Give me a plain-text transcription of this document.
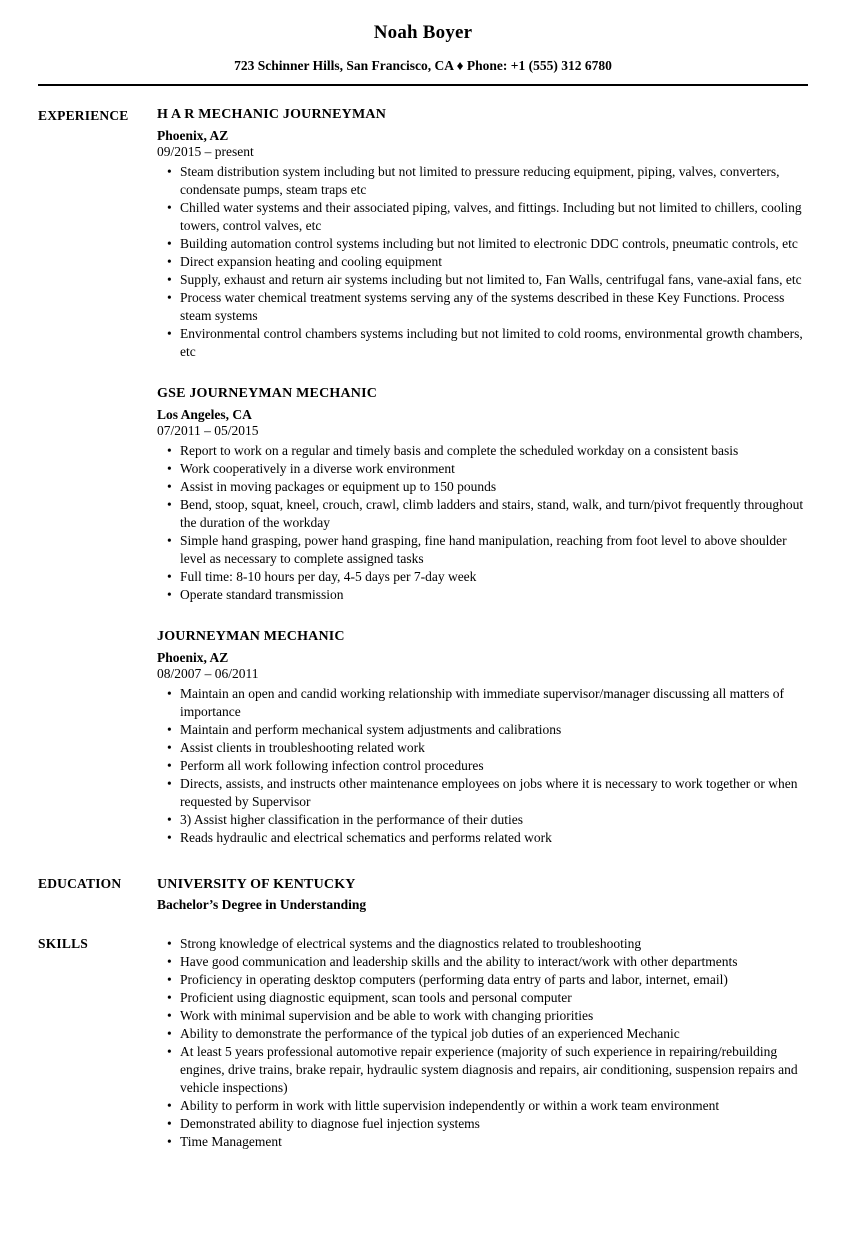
Noah Boyer
723 Schinner Hills, San Francisco, CA ♦ Phone: +1 (555) 312 6780
EXPERIENCE	H A R MECHANIC JOURNEYMAN
Phoenix, AZ
09/2015 – present
• Steam distribution system including but not limited to pressure reducing equipment, piping, valves, converters, condensate pumps, steam traps etc
• Chilled water systems and their associated piping, valves, and fittings. Including but not limited to chillers, cooling towers, control valves, etc
• Building automation control systems including but not limited to electronic DDC controls, pneumatic controls, etc
• Direct expansion heating and cooling equipment
• Supply, exhaust and return air systems including but not limited to, Fan Walls, centrifugal fans, vane-axial fans, etc
• Process water chemical treatment systems serving any of the systems described in these Key Functions. Process steam systems
• Environmental control chambers systems including but not limited to cold rooms, environmental growth chambers, etc
GSE JOURNEYMAN MECHANIC
Los Angeles, CA
07/2011 – 05/2015
• Report to work on a regular and timely basis and complete the scheduled workday on a consistent basis
• Work cooperatively in a diverse work environment
• Assist in moving packages or equipment up to 150 pounds
• Bend, stoop, squat, kneel, crouch, crawl, climb ladders and stairs, stand, walk, and turn/pivot frequently throughout the duration of the workday
• Simple hand grasping, power hand grasping, fine hand manipulation, reaching from foot level to above shoulder level as necessary to complete assigned tasks
• Full time: 8-10 hours per day, 4-5 days per 7-day week
• Operate standard transmission
JOURNEYMAN MECHANIC
Phoenix, AZ
08/2007 – 06/2011
• Maintain an open and candid working relationship with immediate supervisor/manager discussing all matters of importance
• Maintain and perform mechanical system adjustments and calibrations
• Assist clients in troubleshooting related work
• Perform all work following infection control procedures
• Directs, assists, and instructs other maintenance employees on jobs where it is necessary to work together or when requested by Supervisor
• 3) Assist higher classification in the performance of their duties
• Reads hydraulic and electrical schematics and performs related work
EDUCATION	UNIVERSITY OF KENTUCKY
Bachelor’s Degree in Understanding
SKILLS	• Strong knowledge of electrical systems and the diagnostics related to troubleshooting
• Have good communication and leadership skills and the ability to interact/work with other departments
• Proficiency in operating desktop computers (performing data entry of parts and labor, internet, email)
• Proficient using diagnostic equipment, scan tools and personal computer
• Work with minimal supervision and be able to work with changing priorities
• Ability to demonstrate the performance of the typical job duties of an experienced Mechanic
• At least 5 years professional automotive repair experience (majority of such experience in repairing/rebuilding engines, drive trains, brake repair, hydraulic system diagnosis and repairs, air conditioning, suspension repairs and vehicle inspections)
• Ability to perform in work with little supervision independently or within a work team environment
• Demonstrated ability to diagnose fuel injection systems
• Time Management
